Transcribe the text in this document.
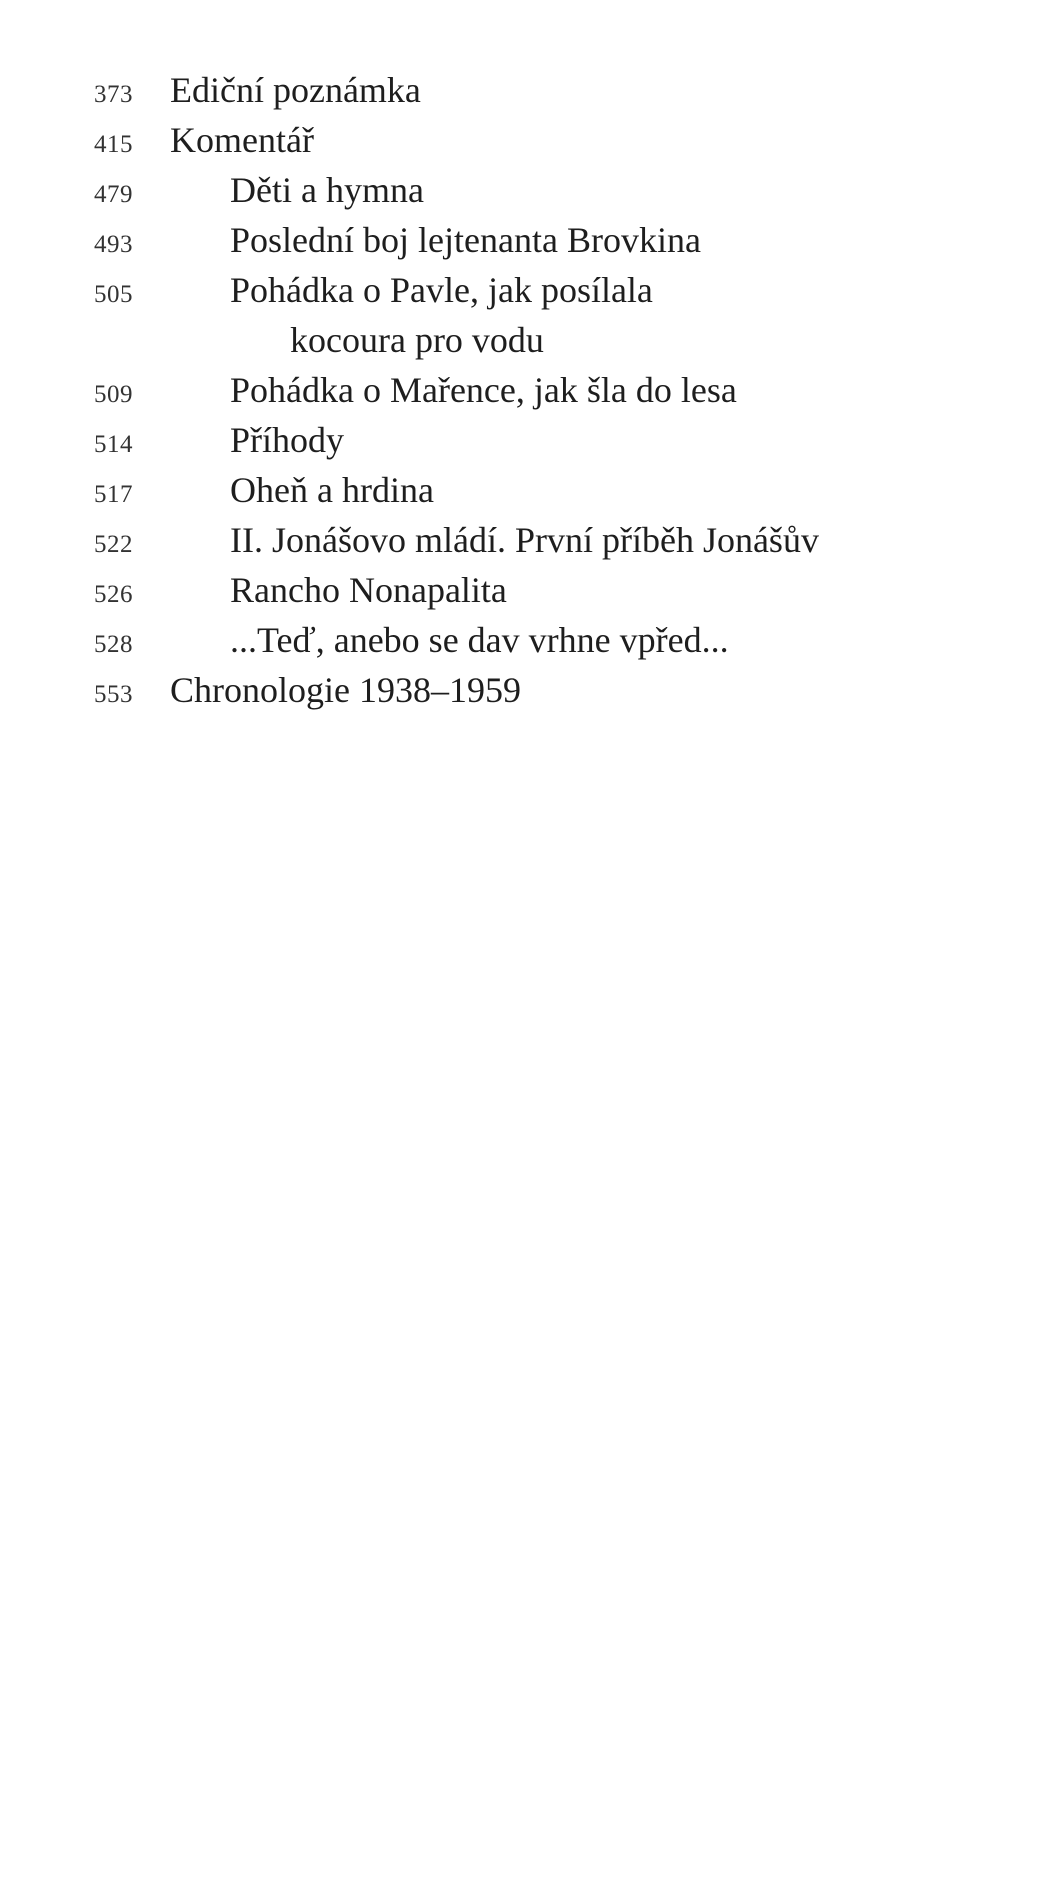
373 Ediční poznámka
415 Komentář
479	Děti a hymna
493	Poslední boj lejtenanta Brovkina
505	Pohádka o Pavle, jak posílala
kocoura pro vodu
509	Pohádka o Mařence, jak šla do lesa
514	Příhody
517	Oheň a hrdina
522	II. Jonášovo mládí. První příběh Jonášův
526	Rancho Nonapalita
528	...Teď, anebo se dav vrhne vpřed...
553 Chronologie 1938–1959
